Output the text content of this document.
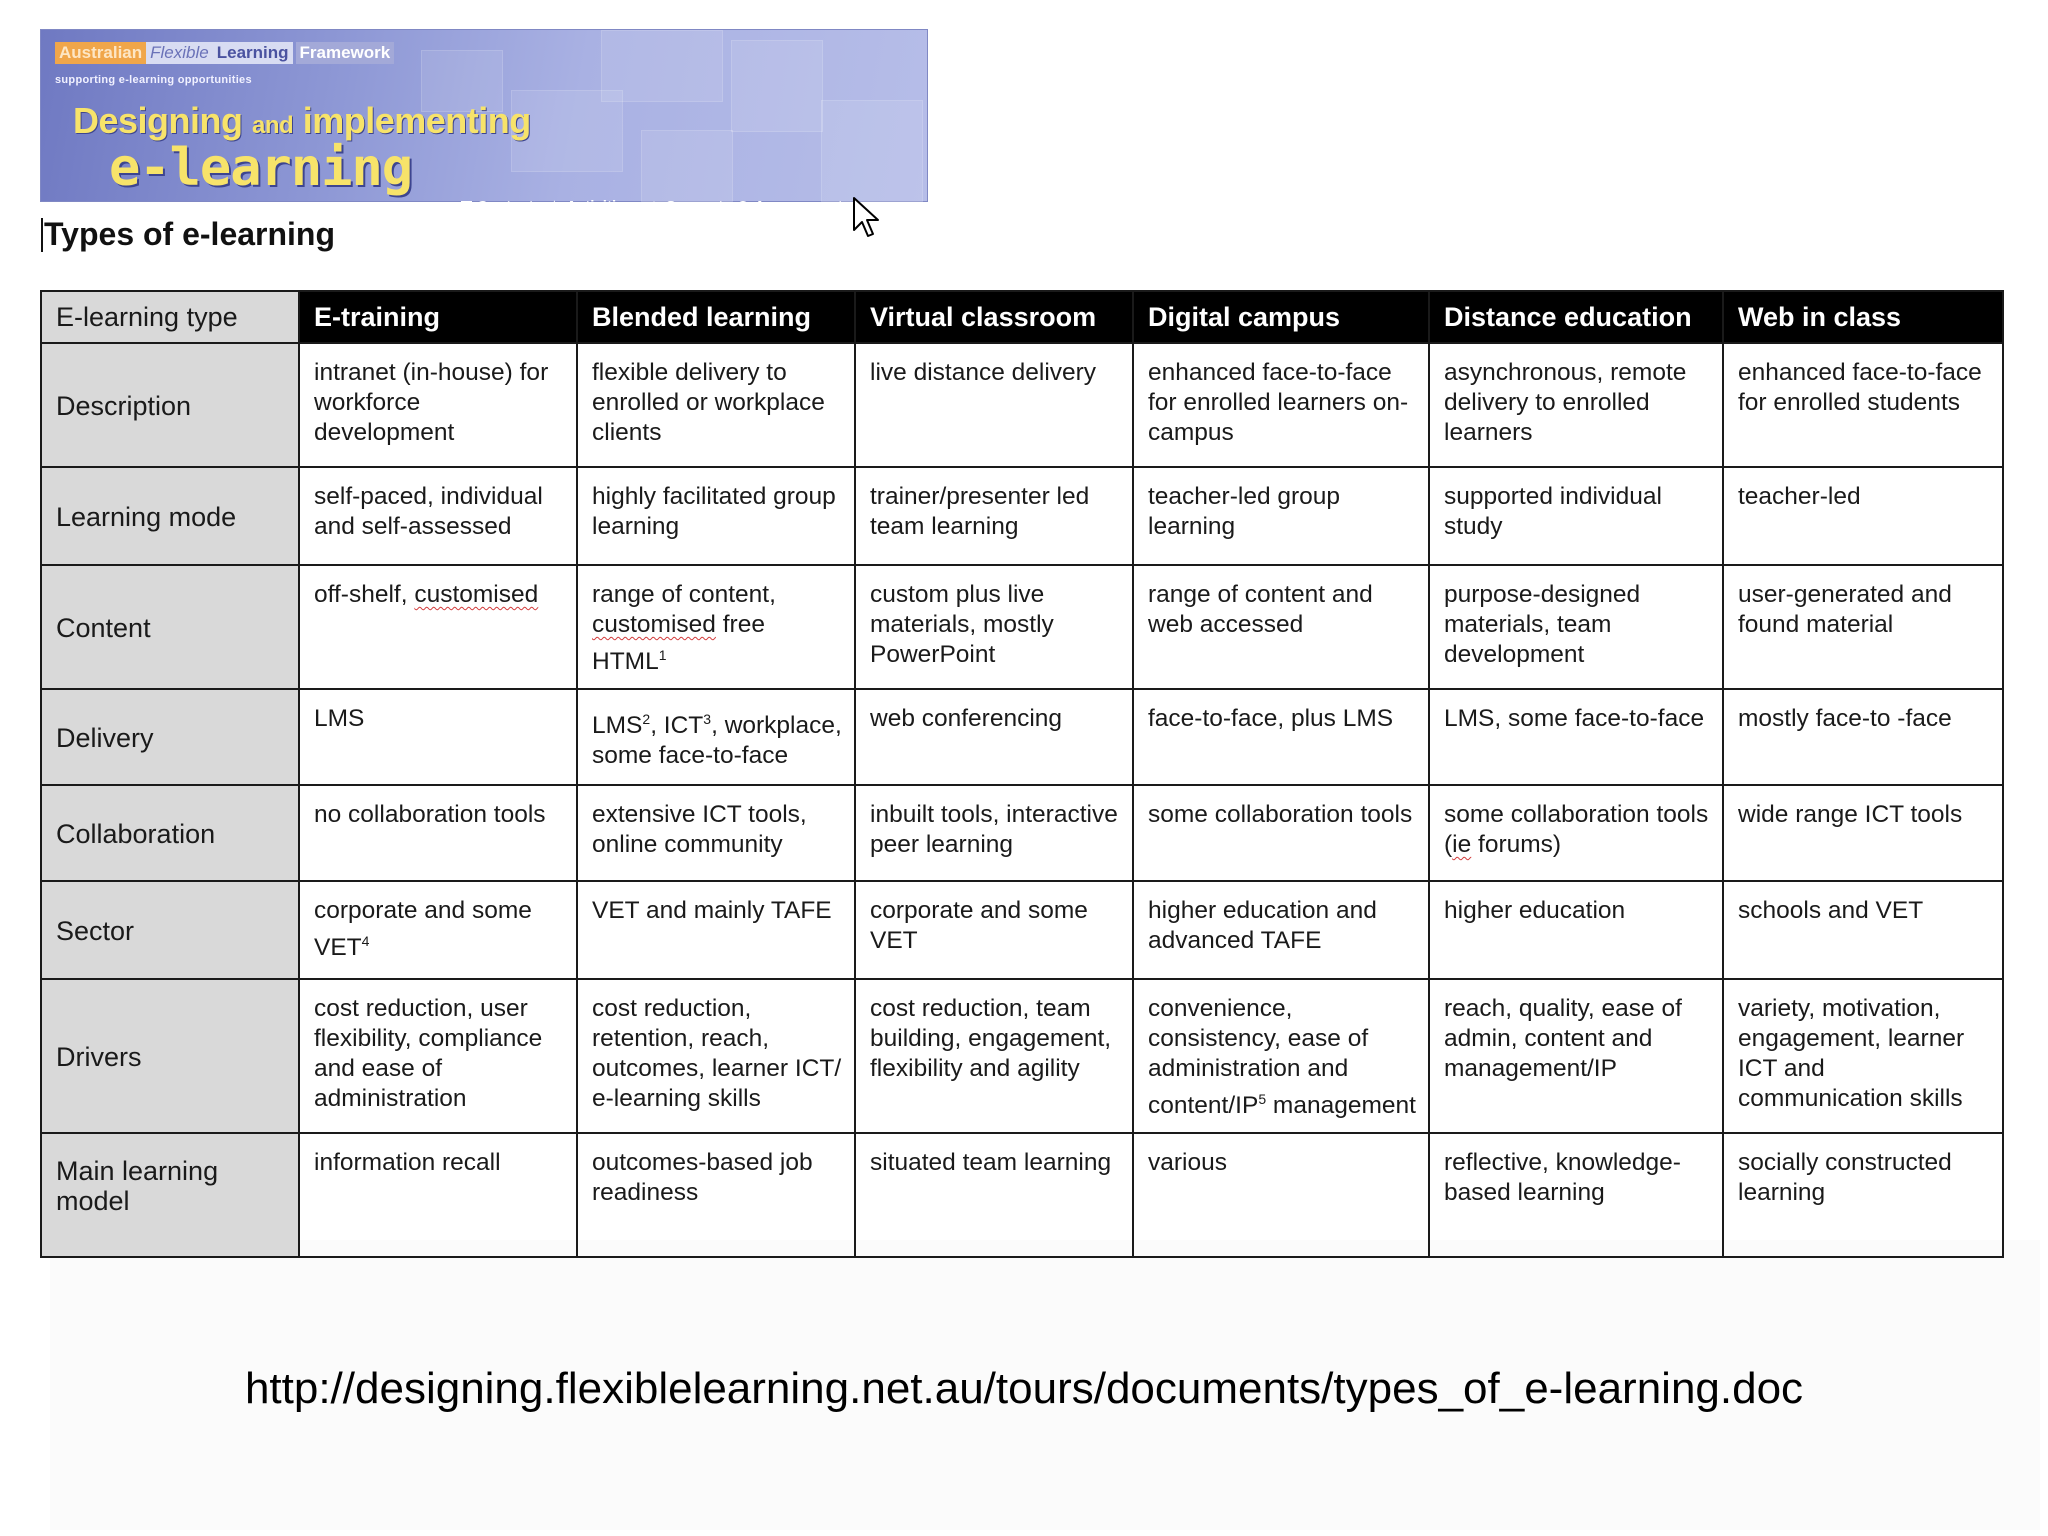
Australian Flexible Learning Framework
supporting e-learning opportunities
Designing and implementing
e-learning
Content ★ Activities Support Assessment
Types of e-learning
E-learning type	E-training	Blended learning	Virtual classroom	Digital campus	Distance education	Web in class
Description	intranet (in-house) for workforce development	flexible delivery to enrolled or workplace clients	live distance delivery	enhanced face-to-face for enrolled learners on-campus	asynchronous, remote delivery to enrolled learners	enhanced face-to-face for enrolled students
Learning mode	self-paced, individual and self-assessed	highly facilitated group learning	trainer/presenter led team learning	teacher-led group learning	supported individual study	teacher-led
Content	off-shelf, customised	range of content, customised free HTML$^1$	custom plus live materials, mostly PowerPoint	range of content and web accessed	purpose-designed materials, team development	user-generated and found material
Delivery	LMS	LMS$^2$, ICT$^3$, workplace, some face-to-face	web conferencing	face-to-face, plus LMS	LMS, some face-to-face	mostly face-to -face
Collaboration	no collaboration tools	extensive ICT tools, online community	inbuilt tools, interactive peer learning	some collaboration tools	some collaboration tools (ie forums)	wide range ICT tools
Sector	corporate and some VET$^4$	VET and mainly TAFE	corporate and some VET	higher education and advanced TAFE	higher education	schools and VET
Drivers	cost reduction, user flexibility, compliance and ease of administration	cost reduction, retention, reach, outcomes, learner ICT/ e-learning skills	cost reduction, team building, engagement, flexibility and agility	convenience, consistency, ease of administration and content/$IP^5$ management	reach, quality, ease of admin, content and management/IP	variety, motivation, engagement, learner ICT and communication skills
Main learning model	information recall	outcomes-based job readiness	situated team learning	various	reflective, knowledge-based learning	socially constructed learning
http://designing.flexiblelearning.net.au/tours/documents/types_of_e-learning.doc
